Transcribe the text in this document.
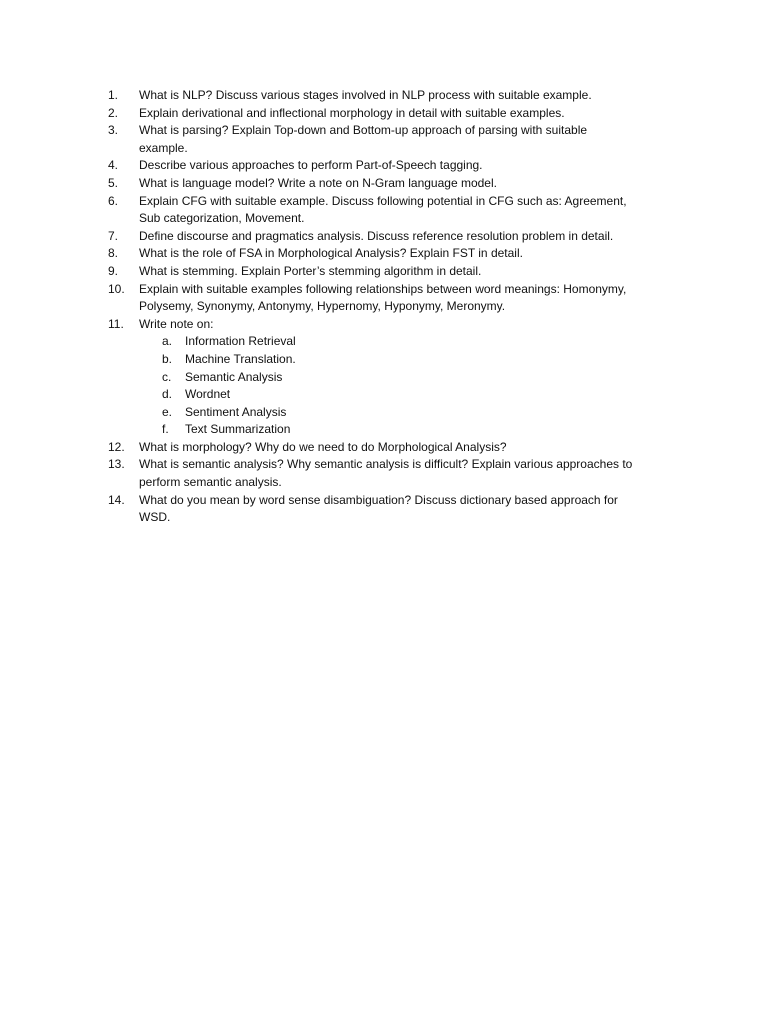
1.	What is NLP? Discuss various stages involved in NLP process with suitable example.
2.	Explain derivational and inflectional morphology in detail with suitable examples.
3.	What is parsing? Explain Top-down and Bottom-up approach of parsing with suitable
example.
4.	Describe various approaches to perform Part-of-Speech tagging.
5.	What is language model? Write a note on N-Gram language model.
6.	Explain CFG with suitable example. Discuss following potential in CFG such as: Agreement,
Sub categorization, Movement.
7.	Define discourse and pragmatics analysis. Discuss reference resolution problem in detail.
8.	What is the role of FSA in Morphological Analysis? Explain FST in detail.
9.	What is stemming. Explain Porter’s stemming algorithm in detail.
10.	Explain with suitable examples following relationships between word meanings: Homonymy,
Polysemy, Synonymy, Antonymy, Hypernomy, Hyponymy, Meronymy.
11.	Write note on:
a.	Information Retrieval
b.	Machine Translation.
c.	Semantic Analysis
d.	Wordnet
e.	Sentiment Analysis
f.	Text Summarization
12.	What is morphology? Why do we need to do Morphological Analysis?
13.	What is semantic analysis? Why semantic analysis is difficult? Explain various approaches to
perform semantic analysis.
14.	What do you mean by word sense disambiguation? Discuss dictionary based approach for
WSD.
